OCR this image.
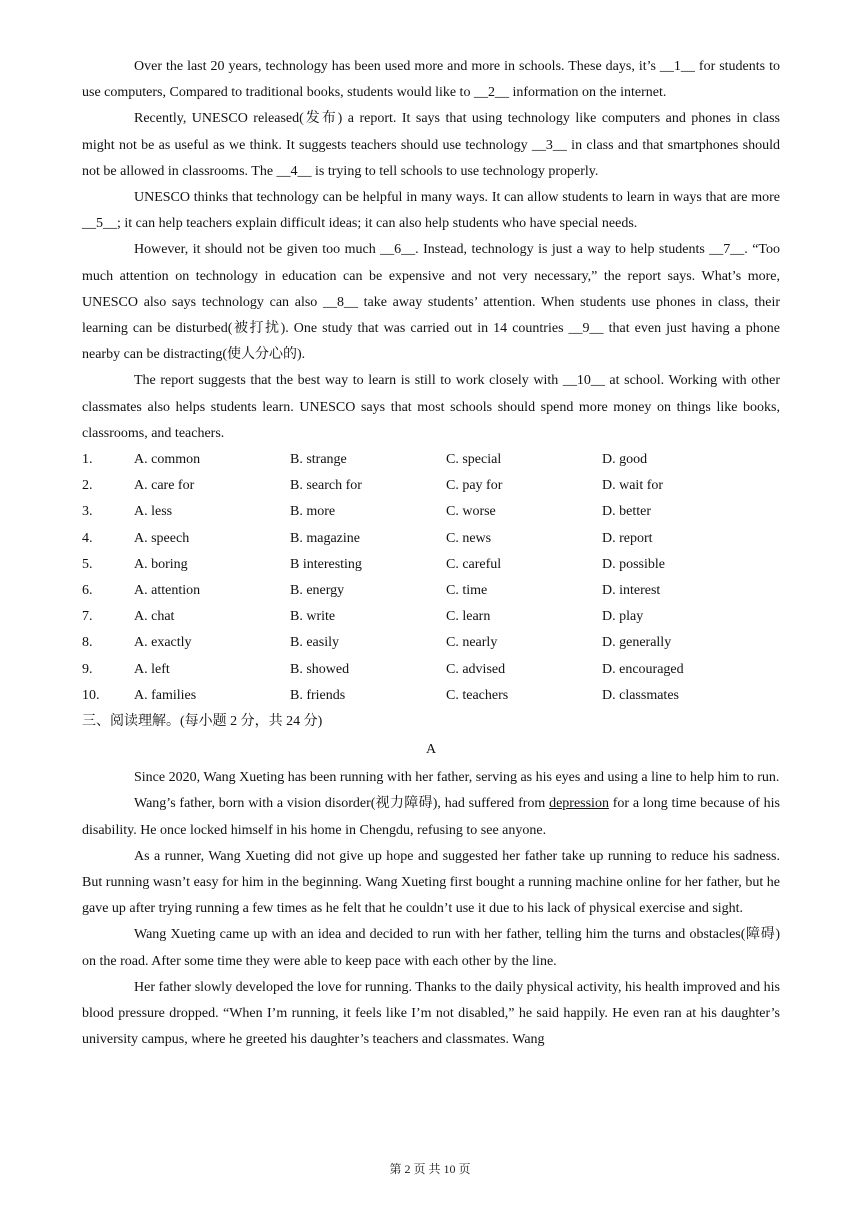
Over the last 20 years, technology has been used more and more in schools. These days, it’s __1__ for students to use computers, Compared to traditional books, students would like to __2__ information on the internet.

Recently, UNESCO released(发布) a report. It says that using technology like computers and phones in class might not be as useful as we think. It suggests teachers should use technology __3__ in class and that smartphones should not be allowed in classrooms. The __4__ is trying to tell schools to use technology properly.

UNESCO thinks that technology can be helpful in many ways. It can allow students to learn in ways that are more __5__; it can help teachers explain difficult ideas; it can also help students who have special needs.

However, it should not be given too much __6__. Instead, technology is just a way to help students __7__. “Too much attention on technology in education can be expensive and not very necessary,” the report says. What’s more, UNESCO also says technology can also __8__ take away students’ attention. When students use phones in class, their learning can be disturbed(被打扰). One study that was carried out in 14 countries __9__ that even just having a phone nearby can be distracting(使人分心的).

The report suggests that the best way to learn is still to work closely with __10__ at school. Working with other classmates also helps students learn. UNESCO says that most schools should spend more money on things like books, classrooms, and teachers.

1.	A. common	B. strange	C. special	D. good
2.	A. care for	B. search for	C. pay for	D. wait for
3.	A. less	B. more	C. worse	D. better
4.	A. speech	B. magazine	C. news	D. report
5.	A. boring	B interesting	C. careful	D. possible
6.	A. attention	B. energy	C. time	D. interest
7.	A. chat	B. write	C. learn	D. play
8.	A. exactly	B. easily	C. nearly	D. generally
9.	A. left	B. showed	C. advised	D. encouraged
10.	A. families	B. friends	C. teachers	D. classmates

三、阅读理解。(每小题 2 分，共 24 分)

A

Since 2020, Wang Xueting has been running with her father, serving as his eyes and using a line to help him to run.

Wang’s father, born with a vision disorder(视力障碍), had suffered from depression for a long time because of his disability. He once locked himself in his home in Chengdu, refusing to see anyone.

As a runner, Wang Xueting did not give up hope and suggested her father take up running to reduce his sadness. But running wasn’t easy for him in the beginning. Wang Xueting first bought a running machine online for her father, but he gave up after trying running a few times as he felt that he couldn’t use it due to his lack of physical exercise and sight.

Wang Xueting came up with an idea and decided to run with her father, telling him the turns and obstacles(障碍) on the road. After some time they were able to keep pace with each other by the line.

Her father slowly developed the love for running. Thanks to the daily physical activity, his health improved and his blood pressure dropped. “When I’m running, it feels like I’m not disabled,” he said happily. He even ran at his daughter’s university campus, where he greeted his daughter’s teachers and classmates. Wang

第 2 页 共 10 页
